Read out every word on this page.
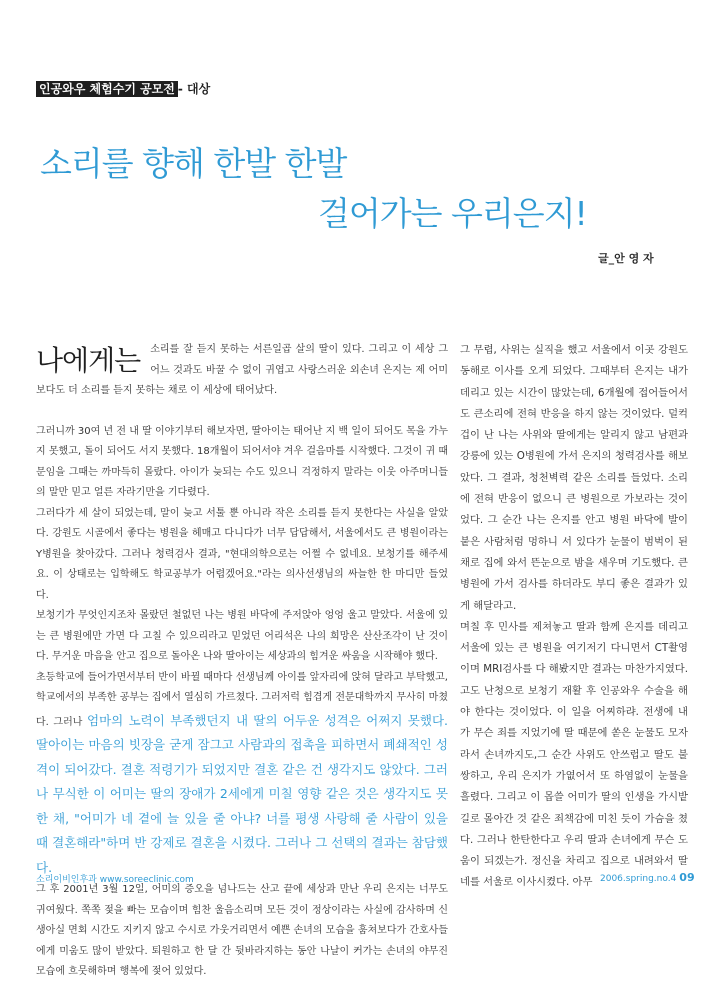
인공와우 체험수기 공모전 - 대상
소리를 향해 한발 한발
걸어가는 우리은지!
글_안 영 자

나에게는 소리를 잘 듣지 못하는 서른일곱 살의 딸이 있다. 그리고 이 세상 그 어느 것과도 바꿀 수 없이 귀엽고 사랑스러운 외손녀 은지는 제 어미보다도 더 소리를 듣지 못하는 채로 이 세상에 태어났다.

그러니까 30여 년 전 내 딸 이야기부터 해보자면, 딸아이는 태어난 지 백 일이 되어도 목을 가누지 못했고, 돌이 되어도 서지 못했다. 18개월이 되어서야 겨우 걸음마를 시작했다. 그것이 귀 때문임을 그때는 까마득히 몰랐다. 아이가 늦되는 수도 있으니 걱정하지 말라는 이웃 아주머니들의 말만 믿고 얼른 자라기만을 기다렸다.

그러다가 세 살이 되었는데, 말이 늦고 서툴 뿐 아니라 작은 소리를 듣지 못한다는 사실을 알았다. 강원도 시골에서 좋다는 병원을 헤매고 다니다가 너무 답답해서, 서울에서도 큰 병원이라는 Y병원을 찾아갔다. 그러나 청력검사 결과, "현대의학으로는 어쩔 수 없네요. 보청기를 해주세요. 이 상태로는 입학해도 학교공부가 어렵겠어요."라는 의사선생님의 싸늘한 한 마디만 들었다.

보청기가 무엇인지조차 몰랐던 철없던 나는 병원 바닥에 주저앉아 엉엉 울고 말았다. 서울에 있는 큰 병원에만 가면 다 고칠 수 있으리라고 믿었던 어리석은 나의 희망은 산산조각이 난 것이다. 무거운 마음을 안고 집으로 돌아온 나와 딸아이는 세상과의 힘겨운 싸움을 시작해야 했다.

초등학교에 들어가면서부터 반이 바뀔 때마다 선생님께 아이를 앞자리에 앉혀 달라고 부탁했고, 학교에서의 부족한 공부는 집에서 열심히 가르쳤다. 그러저럭 힘겹게 전문대학까지 무사히 마쳤다. 그러나 엄마의 노력이 부족했던지 내 딸의 어두운 성격은 어쩌지 못했다. 딸아이는 마음의 빗장을 굳게 잠그고 사람과의 접촉을 피하면서 폐쇄적인 성격이 되어갔다. 결혼 적령기가 되었지만 결혼 같은 건 생각지도 않았다. 그러나 무식한 이 어미는 딸의 장애가 2세에게 미칠 영향 같은 것은 생각지도 못한 채, "어미가 네 곁에 늘 있을 줄 아냐? 너를 평생 사랑해 줄 사람이 있을 때 결혼해라"하며 반 강제로 결혼을 시켰다. 그러나 그 선택의 결과는 참담했다.

그 후 2001년 3월 12일, 어미의 증오을 넘나드는 산고 끝에 세상과 만난 우리 은지는 너무도 귀여웠다. 쪽쪽 젖을 빠는 모습이며 힘찬 울음소리며 모든 것이 정상이라는 사실에 감사하며 신생아실 면회 시간도 지키지 않고 수시로 가웃거리면서 예쁜 손녀의 모습을 훔쳐보다가 간호사들에게 미움도 많이 받았다. 퇴원하고 한 달 간 뒷바라지하는 동안 나날이 커가는 손녀의 야무진 모습에 흐뭇해하며 행복에 젖어 있었다.

그 무렵, 사위는 실직을 했고 서울에서 이곳 강원도 동해로 이사를 오게 되었다. 그때부터 은지는 내가 데리고 있는 시간이 많았는데, 6개월에 접어들어서도 큰소리에 전혀 반응을 하지 않는 것이었다. 덜컥 겁이 난 나는 사위와 딸에게는 알리지 않고 남편과 강릉에 있는 O병원에 가서 은지의 청력검사를 해보았다. 그 결과, 청천벽력 같은 소리를 들었다. 소리에 전혀 반응이 없으니 큰 병원으로 가보라는 것이었다. 그 순간 나는 은지를 안고 병원 바닥에 발이 붙은 사람처럼 멍하니 서 있다가 눈물이 범벅이 된 채로 집에 와서 뜬눈으로 밤을 새우며 기도했다. 큰 병원에 가서 검사를 하더라도 부디 좋은 결과가 있게 해달라고.

며칠 후 민사를 제쳐놓고 딸과 함께 은지를 데리고 서울에 있는 큰 병원을 여기저기 다니면서 CT촬영이며 MRI검사를 다 해봤지만 결과는 마찬가지였다. 고도 난청으로 보청기 재활 후 인공와우 수술을 해야 한다는 것이었다. 이 일을 어찌하랴. 전생에 내가 무슨 죄를 지었기에 딸 때문에 쏟은 눈물도 모자라서 손녀까지도,그 순간 사위도 안쓰럽고 딸도 불쌍하고, 우리 은지가 가엾어서 또 하염없이 눈물을 흘렸다. 그리고 이 몹쓸 어미가 딸의 인생을 가시밭길로 몰아간 것 같은 죄책감에 미친 듯이 가슴을 쳤다. 그러나 한탄한다고 우리 딸과 손녀에게 무슨 도움이 되겠는가. 정신을 차리고 집으로 내려와서 딸네를 서울로 이사시켰다. 아무

소리이비인후과 www.soreeclinic.com	2006.spring.no.4 09
